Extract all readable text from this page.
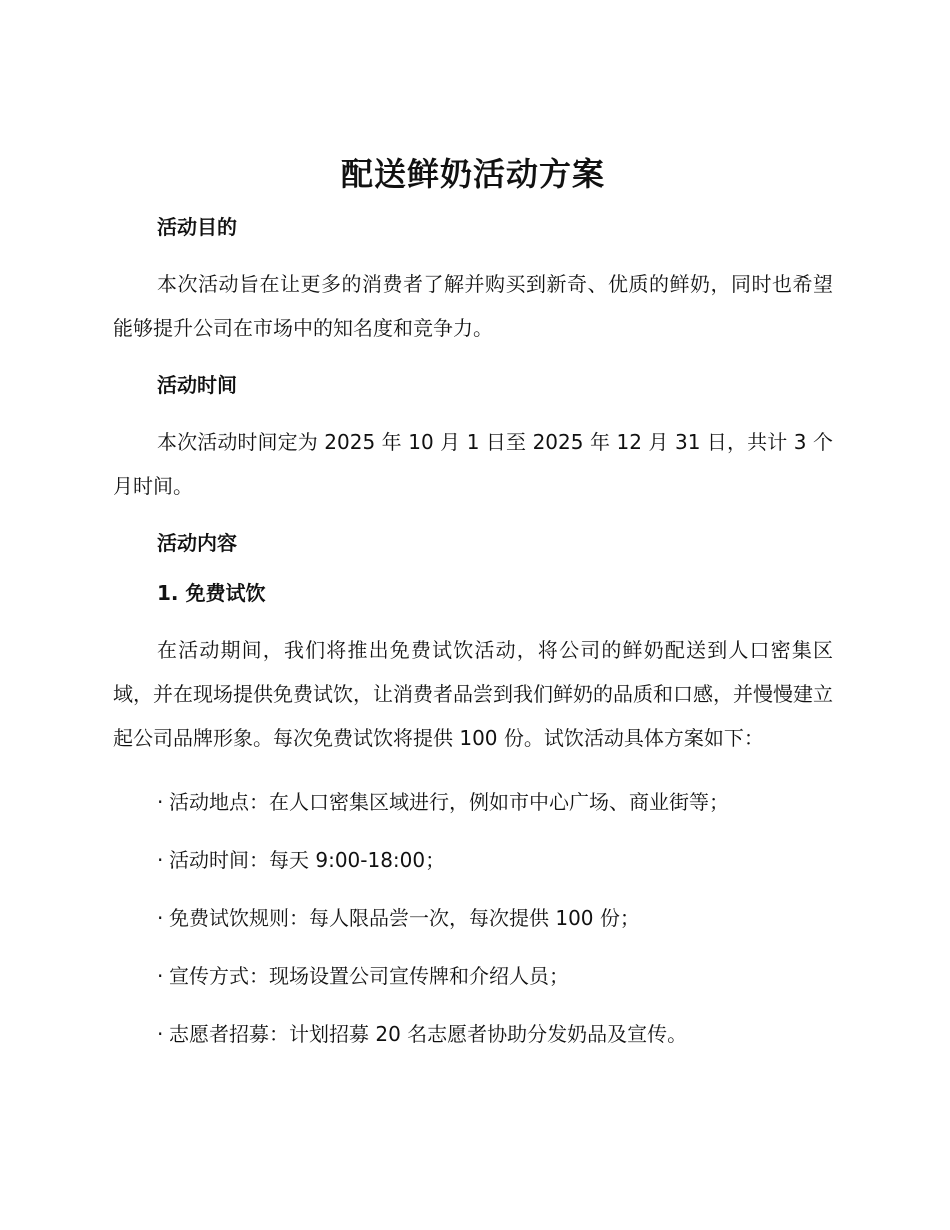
配送鲜奶活动方案
活动目的

本次活动旨在让更多的消费者了解并购买到新奇、优质的鲜奶，同时也希望能够提升公司在市场中的知名度和竞争力。

活动时间

本次活动时间定为 2025 年 10 月 1 日至 2025 年 12 月 31 日，共计 3 个月时间。

活动内容
1. 免费试饮

在活动期间，我们将推出免费试饮活动，将公司的鲜奶配送到人口密集区域，并在现场提供免费试饮，让消费者品尝到我们鲜奶的品质和口感，并慢慢建立起公司品牌形象。每次免费试饮将提供 100 份。试饮活动具体方案如下：

· 活动地点：在人口密集区域进行，例如市中心广场、商业街等；
· 活动时间：每天 9:00-18:00；
· 免费试饮规则：每人限品尝一次，每次提供 100 份；
· 宣传方式：现场设置公司宣传牌和介绍人员；
· 志愿者招募：计划招募 20 名志愿者协助分发奶品及宣传。
